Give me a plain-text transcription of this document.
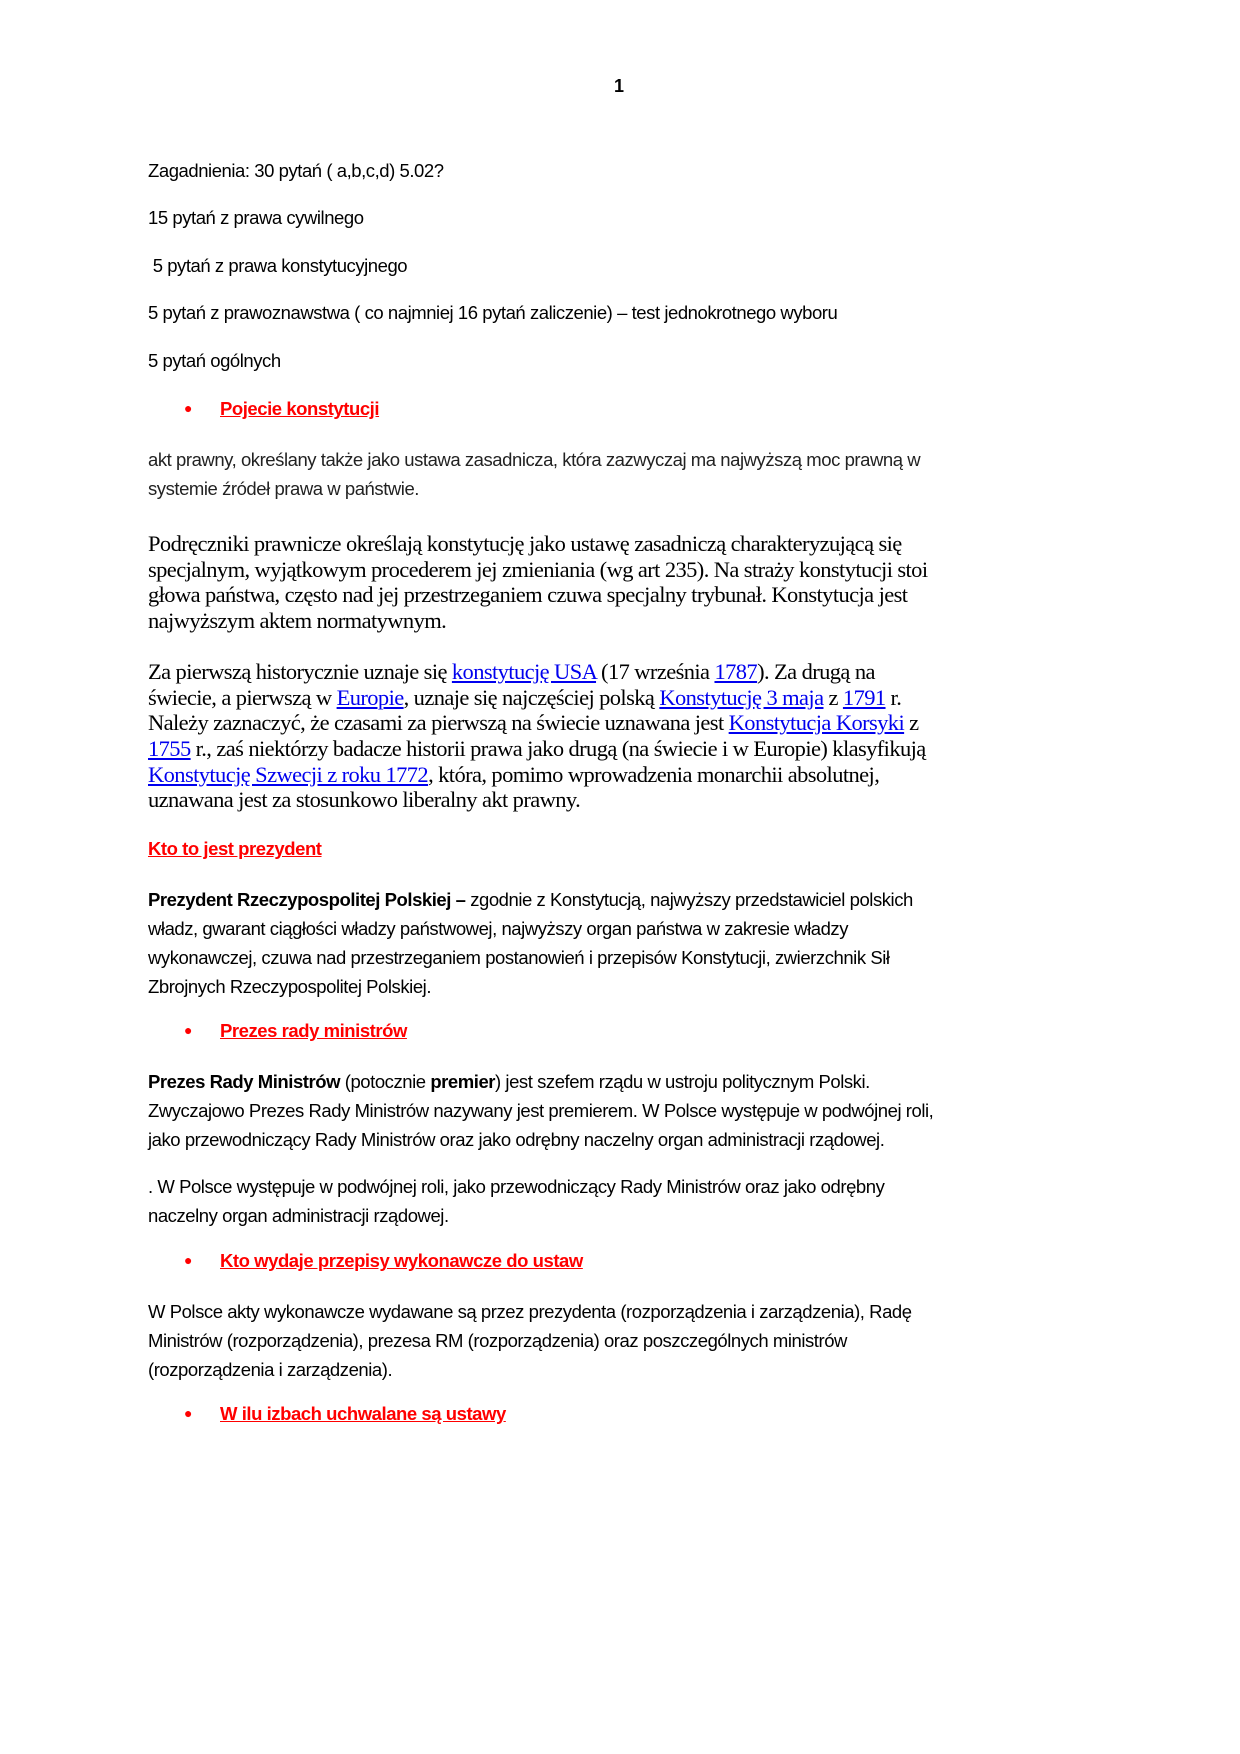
1
Zagadnienia: 30 pytań ( a,b,c,d) 5.02?
15 pytań z prawa cywilnego
5 pytań z prawa konstytucyjnego
5 pytań z prawoznawstwa ( co najmniej 16 pytań zaliczenie) – test jednokrotnego wyboru
5 pytań ogólnych
● Pojecie konstytucji
akt prawny, określany także jako ustawa zasadnicza, która zazwyczaj ma najwyższą moc prawną w
systemie źródeł prawa w państwie.
Podręczniki prawnicze określają konstytucję jako ustawę zasadniczą charakteryzującą się
specjalnym, wyjątkowym procederem jej zmieniania (wg art 235). Na straży konstytucji stoi
głowa państwa, często nad jej przestrzeganiem czuwa specjalny trybunał. Konstytucja jest
najwyższym aktem normatywnym.
Za pierwszą historycznie uznaje się konstytucję USA (17 września 1787). Za drugą na
świecie, a pierwszą w Europie, uznaje się najczęściej polską Konstytucję 3 maja z 1791 r.
Należy zaznaczyć, że czasami za pierwszą na świecie uznawana jest Konstytucja Korsyki z
1755 r., zaś niektórzy badacze historii prawa jako drugą (na świecie i w Europie) klasyfikują
Konstytucję Szwecji z roku 1772, która, pomimo wprowadzenia monarchii absolutnej,
uznawana jest za stosunkowo liberalny akt prawny.
Kto to jest prezydent
Prezydent Rzeczypospolitej Polskiej – zgodnie z Konstytucją, najwyższy przedstawiciel polskich
władz, gwarant ciągłości władzy państwowej, najwyższy organ państwa w zakresie władzy
wykonawczej, czuwa nad przestrzeganiem postanowień i przepisów Konstytucji, zwierzchnik Sił
Zbrojnych Rzeczypospolitej Polskiej.
● Prezes rady ministrów
Prezes Rady Ministrów (potocznie premier) jest szefem rządu w ustroju politycznym Polski.
Zwyczajowo Prezes Rady Ministrów nazywany jest premierem. W Polsce występuje w podwójnej roli,
jako przewodniczący Rady Ministrów oraz jako odrębny naczelny organ administracji rządowej.
. W Polsce występuje w podwójnej roli, jako przewodniczący Rady Ministrów oraz jako odrębny
naczelny organ administracji rządowej.
● Kto wydaje przepisy wykonawcze do ustaw
W Polsce akty wykonawcze wydawane są przez prezydenta (rozporządzenia i zarządzenia), Radę
Ministrów (rozporządzenia), prezesa RM (rozporządzenia) oraz poszczególnych ministrów
(rozporządzenia i zarządzenia).
● W ilu izbach uchwalane są ustawy
